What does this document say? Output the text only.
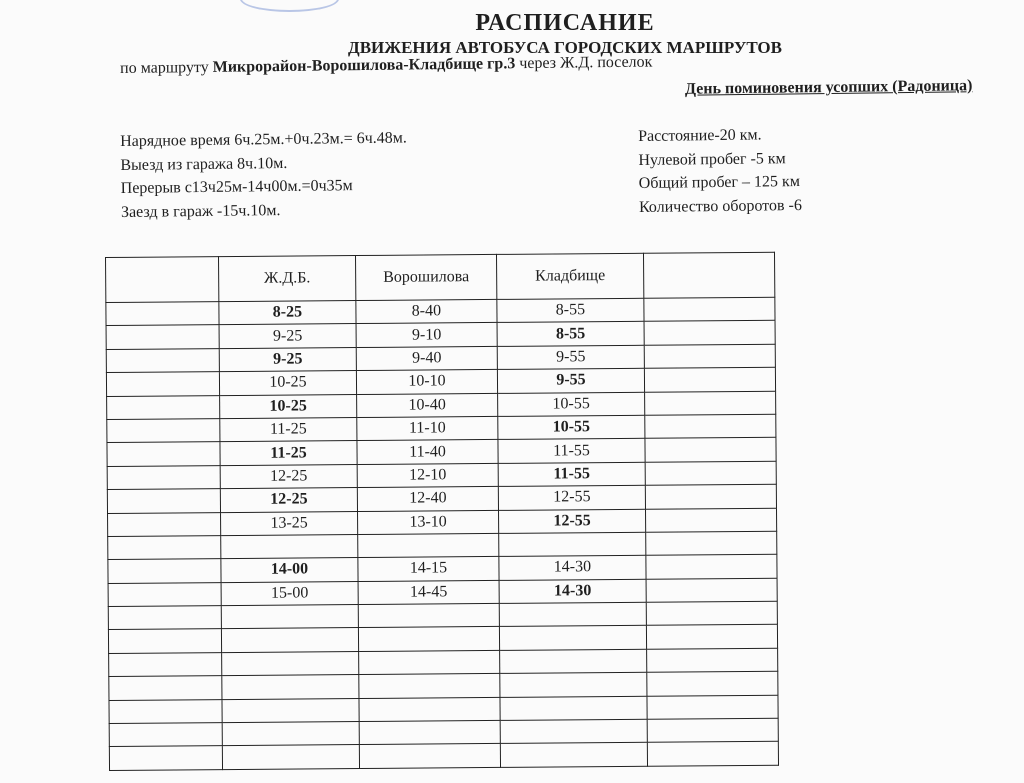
РАСПИСАНИЕ
ДВИЖЕНИЯ АВТОБУСА ГОРОДСКИХ МАРШРУТОВ
по маршруту Микрорайон-Ворошилова-Кладбище гр.3 через Ж.Д. поселок
День поминовения усопших (Радоница)
Нарядное время 6ч.25м.+0ч.23м.= 6ч.48м.
Выезд из гаража 8ч.10м.
Перерыв с13ч25м-14ч00м.=0ч35м
Заезд в гараж -15ч.10м.
Расстояние-20 км.
Нулевой пробег -5 км
Общий пробег – 125 км
Количество оборотов -6
	Ж.Д.Б.	Ворошилова	Кладбище	
	8-25	8-40	8-55	
	9-25	9-10	8-55	
	9-25	9-40	9-55	
	10-25	10-10	9-55	
	10-25	10-40	10-55	
	11-25	11-10	10-55	
	11-25	11-40	11-55	
	12-25	12-10	11-55	
	12-25	12-40	12-55	
	13-25	13-10	12-55	

	14-00	14-15	14-30	
	15-00	14-45	14-30	
